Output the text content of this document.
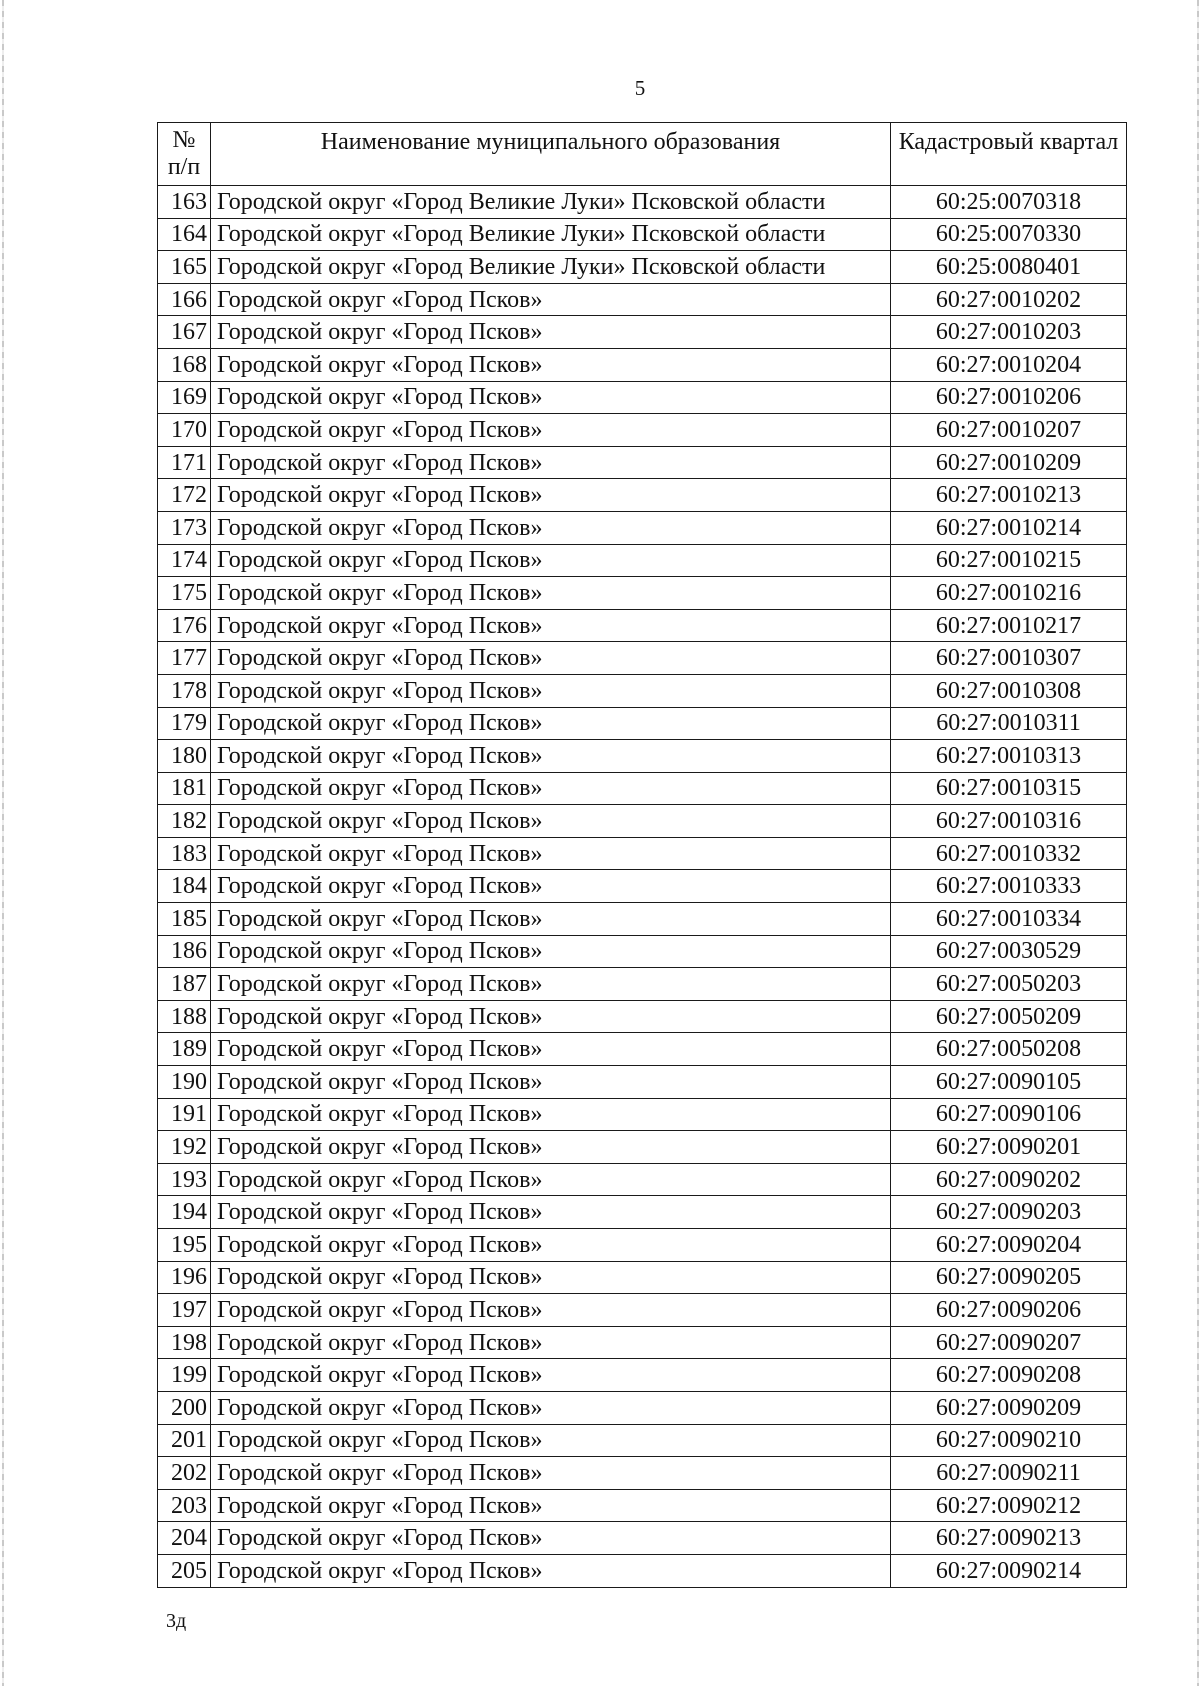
5
№
п/п	Наименование муниципального образования	Кадастровый квартал
163	Городской округ «Город Великие Луки» Псковской области	60:25:0070318
164	Городской округ «Город Великие Луки» Псковской области	60:25:0070330
165	Городской округ «Город Великие Луки» Псковской области	60:25:0080401
166	Городской округ «Город Псков»	60:27:0010202
167	Городской округ «Город Псков»	60:27:0010203
168	Городской округ «Город Псков»	60:27:0010204
169	Городской округ «Город Псков»	60:27:0010206
170	Городской округ «Город Псков»	60:27:0010207
171	Городской округ «Город Псков»	60:27:0010209
172	Городской округ «Город Псков»	60:27:0010213
173	Городской округ «Город Псков»	60:27:0010214
174	Городской округ «Город Псков»	60:27:0010215
175	Городской округ «Город Псков»	60:27:0010216
176	Городской округ «Город Псков»	60:27:0010217
177	Городской округ «Город Псков»	60:27:0010307
178	Городской округ «Город Псков»	60:27:0010308
179	Городской округ «Город Псков»	60:27:0010311
180	Городской округ «Город Псков»	60:27:0010313
181	Городской округ «Город Псков»	60:27:0010315
182	Городской округ «Город Псков»	60:27:0010316
183	Городской округ «Город Псков»	60:27:0010332
184	Городской округ «Город Псков»	60:27:0010333
185	Городской округ «Город Псков»	60:27:0010334
186	Городской округ «Город Псков»	60:27:0030529
187	Городской округ «Город Псков»	60:27:0050203
188	Городской округ «Город Псков»	60:27:0050209
189	Городской округ «Город Псков»	60:27:0050208
190	Городской округ «Город Псков»	60:27:0090105
191	Городской округ «Город Псков»	60:27:0090106
192	Городской округ «Город Псков»	60:27:0090201
193	Городской округ «Город Псков»	60:27:0090202
194	Городской округ «Город Псков»	60:27:0090203
195	Городской округ «Город Псков»	60:27:0090204
196	Городской округ «Город Псков»	60:27:0090205
197	Городской округ «Город Псков»	60:27:0090206
198	Городской округ «Город Псков»	60:27:0090207
199	Городской округ «Город Псков»	60:27:0090208
200	Городской округ «Город Псков»	60:27:0090209
201	Городской округ «Город Псков»	60:27:0090210
202	Городской округ «Город Псков»	60:27:0090211
203	Городской округ «Город Псков»	60:27:0090212
204	Городской округ «Город Псков»	60:27:0090213
205	Городской округ «Город Псков»	60:27:0090214
3д
